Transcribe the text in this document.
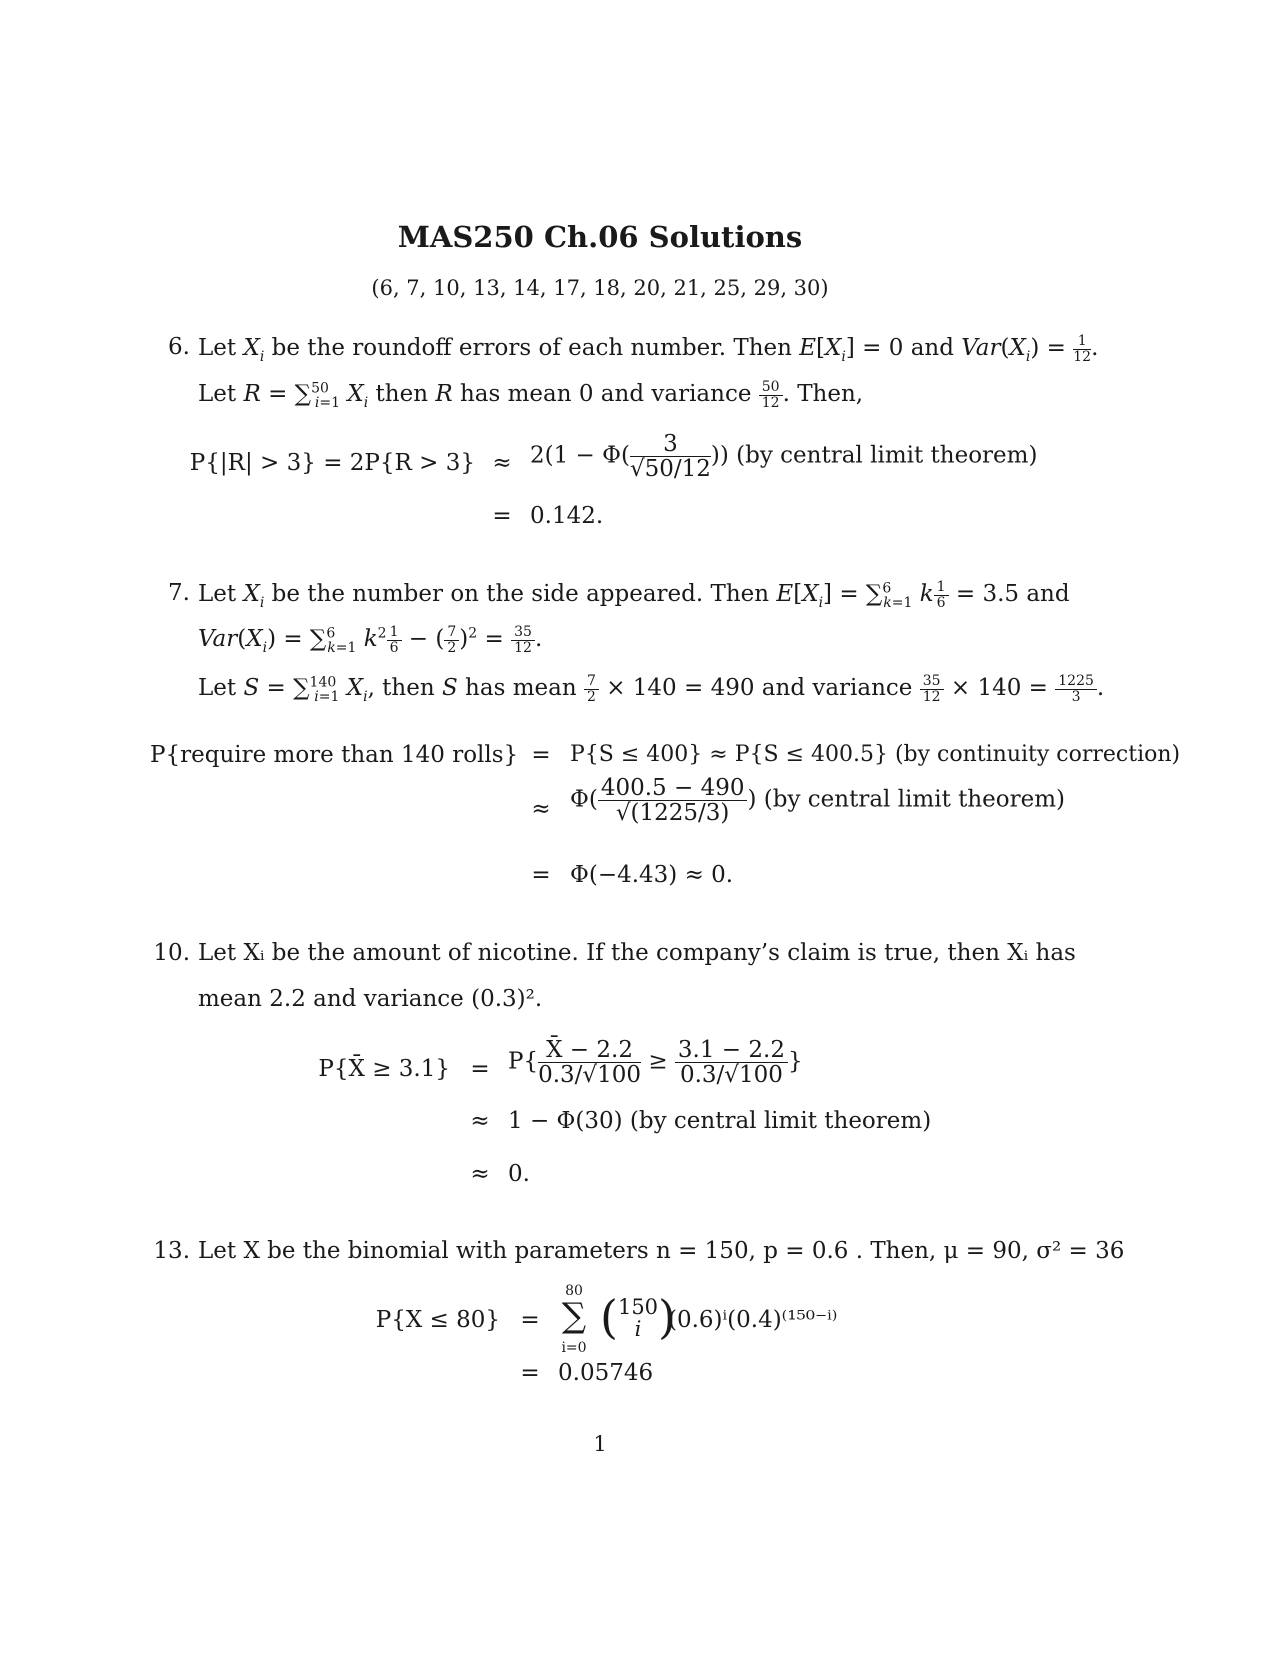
MAS250 Ch.06 Solutions
(6, 7, 10, 13, 14, 17, 18, 20, 21, 25, 29, 30)
6. Let $X_i$ be the roundoff errors of each number. Then $E[X_i] = 0$ and $Var(X_i) = \frac{1}{12}$ .
Let R = ∑$^{50}_{i=1}$ $X_i$ then R has mean 0 and variance $\frac{50}{12}$ . Then,
$P\{|R| > 3\} = 2P\{R > 3\} \approx 2(1 - \Phi( \frac{3}{√50/12}$ )) (by central limit theorem)
= 0.142.
7. Let $X_i$ be the number on the side appeared. Then $E[X_i] = \sum^6_{k=1}$ k $\frac{1}{6} = 3.5$ and
$Var(X_i) = \sum^6_{k=1}$ $k^2 \frac{1}{6}$ − ( $\frac{7}{2} )^2 = \frac{35}{12}$ .
Let S = ∑$^{140}_{i=1}$ $X_i$, then S has mean $\frac{7}{2} \times 140 = 490$ and variance $\frac{35}{12} \times 140 = \frac{1225}{3}$ .
P{require more than 140 rolls} = P{S ≤ 400} ≈ P{S ≤ 400.5} (by continuity correction)
≈ $\Phi( \frac{400.5 - 490}{√(1225/3)}$ ) (by central limit theorem)
= Φ(−4.43) ≈ 0.
10. Let Xᵢ be the amount of nicotine. If the company’s claim is true, then Xᵢ has
mean 2.2 and variance (0.3)².
P{X̄ ≥ $3.1\} = P\{ \frac{X̄ - 2.2}{0.3/√100} \ge \frac{3.1 - 2.2}{0.3/√100}$ }
≈ 1 − Φ(30) (by central limit theorem)
≈ 0.
13. Let X be the binomial with parameters n = 150, p = 0.6 . Then, μ = 90, σ² = 36
P{X ≤ 80} =
80
∑
i=0
( 150
i )
(0.6)ⁱ(0.4)⁽¹⁵⁰⁻ⁱ⁾
= 0.05746
1
